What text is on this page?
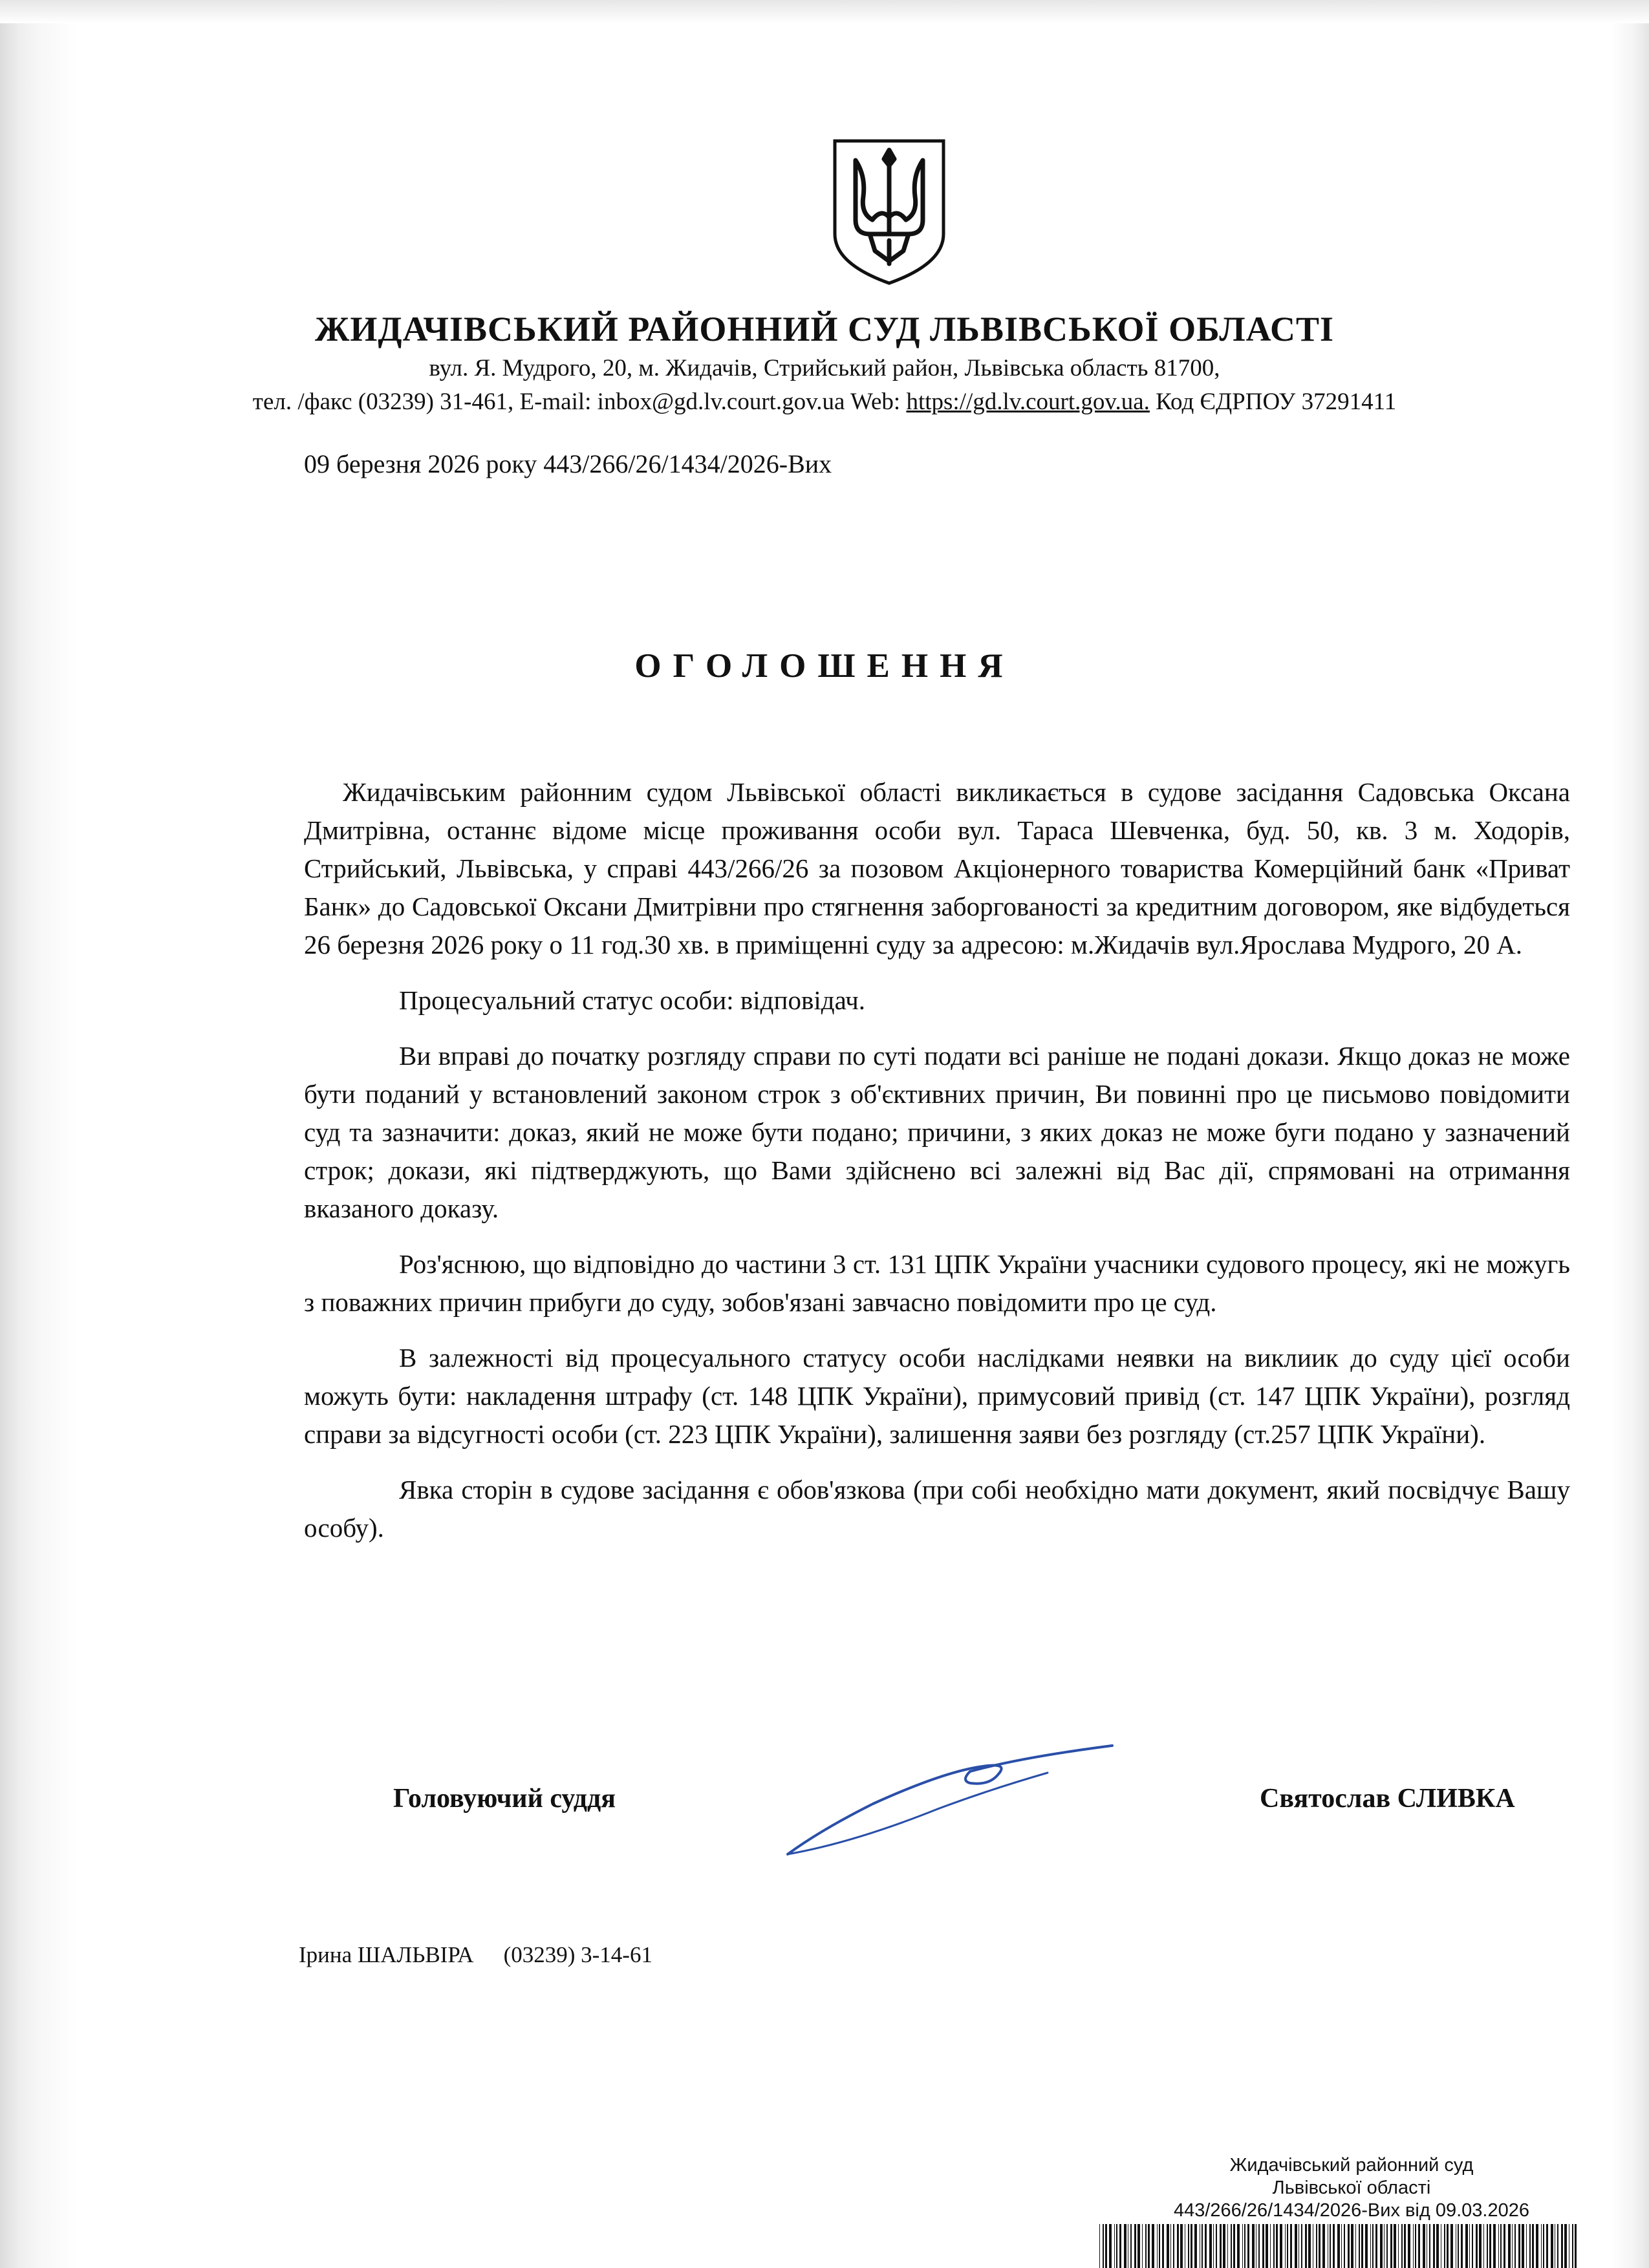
ЖИДАЧІВСЬКИЙ РАЙОННИЙ СУД ЛЬВІВСЬКОЇ ОБЛАСТІ
вул. Я. Мудрого, 20, м. Жидачів, Стрийський район, Львівська область 81700,
тел. /факс (03239) 31-461, E-mail: inbox@gd.lv.court.gov.ua Web: https://gd.lv.court.gov.ua. Код ЄДРПОУ 37291411
09 березня 2026 року 443/266/26/1434/2026-Вих
ОГОЛОШЕННЯ

Жидачівським районним судом Львівської області викликається в судове засідання Садовська Оксана Дмитрівна, останнє відоме місце проживання особи вул. Тараса Шевченка, буд. 50, кв. 3 м. Ходорів, Стрийський, Львівська, у справі 443/266/26 за позовом Акціонерного товариства Комерційний банк «Приват Банк» до Садовської Оксани Дмитрівни про стягнення заборгованості за кредитним договором, яке відбудеться 26 березня 2026 року о 11 год.30 хв. в приміщенні суду за адресою: м.Жидачів вул.Ярослава Мудрого, 20 А.

Процесуальний статус особи: відповідач.

Ви вправі до початку розгляду справи по суті подати всі раніше не подані докази. Якщо доказ не може бути поданий у встановлений законом строк з об'єктивних причин, Ви повинні про це письмово повідомити суд та зазначити: доказ, який не може бути подано; причини, з яких доказ не може буги подано у зазначений строк; докази, які підтверджують, що Вами здійснено всі залежні від Вас дії, спрямовані на отримання вказаного доказу.

Роз'яснюю, що відповідно до частини 3 ст. 131 ЦПК України учасники судового процесу, які не можугь з поважних причин прибуги до суду, зобов'язані завчасно повідомити про це суд.

В залежності від процесуального статусу особи наслідками неявки на виклиик до суду цієї особи можуть бути: накладення штрафу (ст. 148 ЦПК України), примусовий привід (ст. 147 ЦПК України), розгляд справи за відсугності особи (ст. 223 ЦПК України), залишення заяви без розгляду (ст.257 ЦПК України).

Явка сторін в судове засідання є обов'язкова (при собі необхідно мати документ, який посвідчує Вашу особу).

Головуючий суддя	Святослав СЛИВКА
Ірина ШАЛЬВІРА (03239) 3-14-61
Жидачівський районний суд
Львівської області
443/266/26/1434/2026-Вих від 09.03.2026
